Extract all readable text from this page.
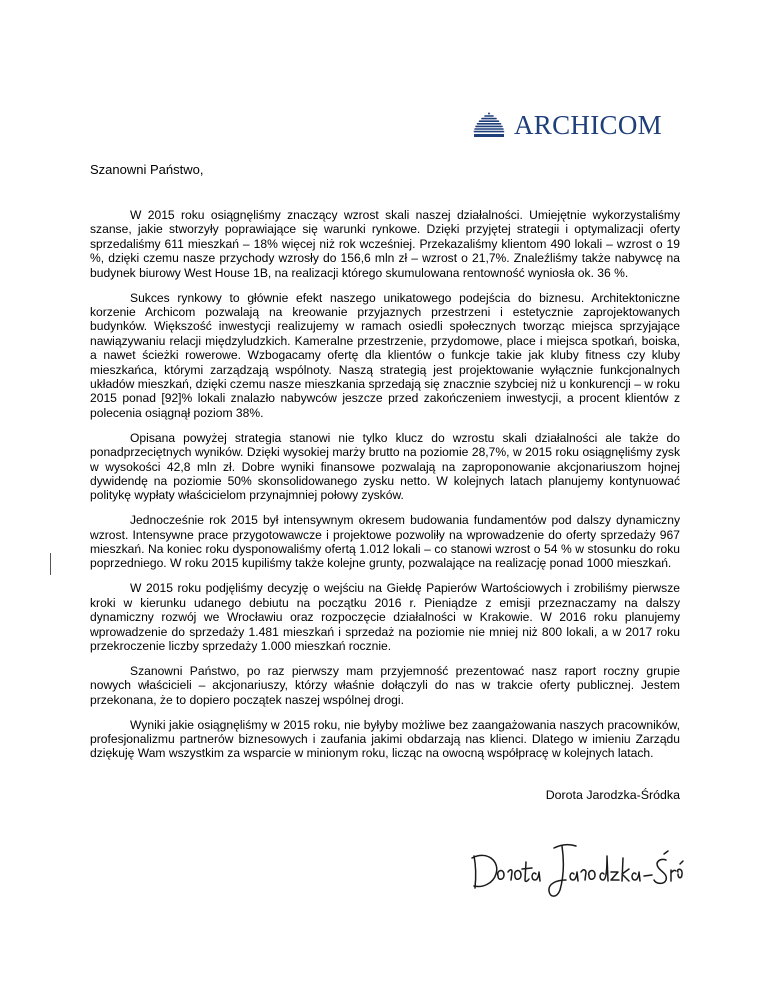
ARCHICOM
Szanowni Państwo,

W 2015 roku osiągnęliśmy znaczący wzrost skali naszej działalności. Umiejętnie wykorzystaliśmy szanse, jakie stworzyły poprawiające się warunki rynkowe. Dzięki przyjętej strategii i optymalizacji oferty sprzedaliśmy 611 mieszkań – 18% więcej niż rok wcześniej. Przekazaliśmy klientom 490 lokali – wzrost o 19 %, dzięki czemu nasze przychody wzrosły do 156,6 mln zł – wzrost o 21,7%. Znaleźliśmy także nabywcę na budynek biurowy West House 1B, na realizacji którego skumulowana rentowność wyniosła ok. 36 %.

Sukces rynkowy to głównie efekt naszego unikatowego podejścia do biznesu. Architektoniczne korzenie Archicom pozwalają na kreowanie przyjaznych przestrzeni i estetycznie zaprojektowanych budynków. Większość inwestycji realizujemy w ramach osiedli społecznych tworząc miejsca sprzyjające nawiązywaniu relacji międzyludzkich. Kameralne przestrzenie, przydomowe, place i miejsca spotkań, boiska, a nawet ścieżki rowerowe. Wzbogacamy ofertę dla klientów o funkcje takie jak kluby fitness czy kluby mieszkańca, którymi zarządzają wspólnoty. Naszą strategią jest projektowanie wyłącznie funkcjonalnych układów mieszkań, dzięki czemu nasze mieszkania sprzedają się znacznie szybciej niż u konkurencji – w roku 2015 ponad [92]% lokali znalazło nabywców jeszcze przed zakończeniem inwestycji, a procent klientów z polecenia osiągnął poziom 38%.

Opisana powyżej strategia stanowi nie tylko klucz do wzrostu skali działalności ale także do ponadprzeciętnych wyników. Dzięki wysokiej marży brutto na poziomie 28,7%, w 2015 roku osiągnęliśmy zysk w wysokości 42,8 mln zł. Dobre wyniki finansowe pozwalają na zaproponowanie akcjonariuszom hojnej dywidendę na poziomie 50% skonsolidowanego zysku netto. W kolejnych latach planujemy kontynuować politykę wypłaty właścicielom przynajmniej połowy zysków.

Jednocześnie rok 2015 był intensywnym okresem budowania fundamentów pod dalszy dynamiczny wzrost. Intensywne prace przygotowawcze i projektowe pozwoliły na wprowadzenie do oferty sprzedaży 967 mieszkań. Na koniec roku dysponowaliśmy ofertą 1.012 lokali – co stanowi wzrost o 54 % w stosunku do roku poprzedniego. W roku 2015 kupiliśmy także kolejne grunty, pozwalające na realizację ponad 1000 mieszkań.

W 2015 roku podjęliśmy decyzję o wejściu na Giełdę Papierów Wartościowych i zrobiliśmy pierwsze kroki w kierunku udanego debiutu na początku 2016 r. Pieniądze z emisji przeznaczamy na dalszy dynamiczny rozwój we Wrocławiu oraz rozpoczęcie działalności w Krakowie. W 2016 roku planujemy wprowadzenie do sprzedaży 1.481 mieszkań i sprzedaż na poziomie nie mniej niż 800 lokali, a w 2017 roku przekroczenie liczby sprzedaży 1.000 mieszkań rocznie.

Szanowni Państwo, po raz pierwszy mam przyjemność prezentować nasz raport roczny grupie nowych właścicieli – akcjonariuszy, którzy właśnie dołączyli do nas w trakcie oferty publicznej. Jestem przekonana, że to dopiero początek naszej wspólnej drogi.

Wyniki jakie osiągnęliśmy w 2015 roku, nie byłyby możliwe bez zaangażowania naszych pracowników, profesjonalizmu partnerów biznesowych i zaufania jakimi obdarzają nas klienci. Dlatego w imieniu Zarządu dziękuję Wam wszystkim za wsparcie w minionym roku, licząc na owocną współpracę w kolejnych latach.

Dorota Jarodzka-Śródka
